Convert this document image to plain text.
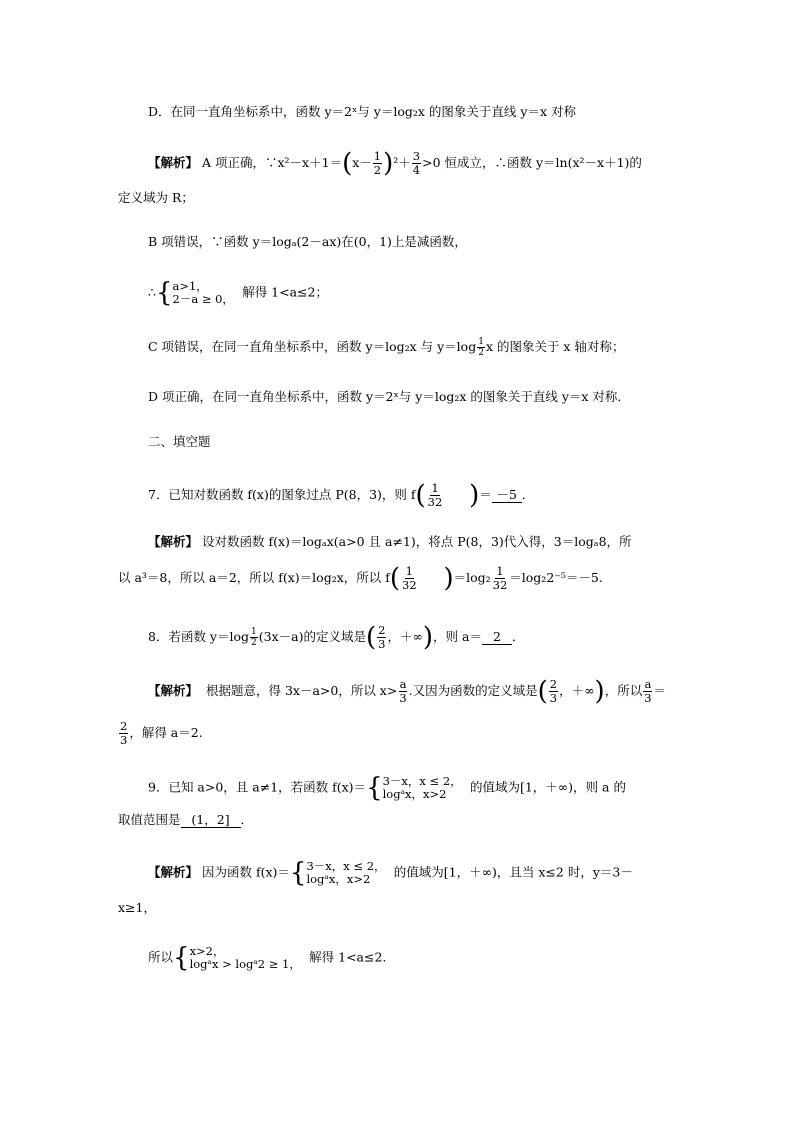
D．在同一直角坐标系中，函数 y＝2ˣ与 y＝log₂x 的图象关于直线 y＝x 对称
【解析】 A 项正确，∵x²－x＋1＝(x－ $\frac{1}{2} )^2+ \frac{3}{4} >0$ 恒成立，∴函数 y＝ln(x²－x＋1)的
定义域为 R；
B 项错误，∵函数 y＝logₐ(2－ax)在(0，1)上是减函数，
∴{ a>1，
2－a ≥ 0， 解得 1<a≤2；
C 项错误，在同一直角坐标系中，函数 y＝log₂x 与 $y=\log \frac{1}{2}$ x 的图象关于 x 轴对称；
D 项正确，在同一直角坐标系中，函数 y＝2ˣ与 y＝log₂x 的图象关于直线 y＝x 对称．
二、填空题
7．已知对数函数 f(x)的图象过点 P(8，3)，则 $f( \frac{1}{32}$ )＝ －5 ．
【解析】 设对数函数 f(x)＝logₐx(a>0 且 a≠1)，将点 P(8，3)代入得，3＝logₐ8，所
以 a³＝8，所以 a＝2，所以 f(x)＝log₂x，所以 $f( \frac{1}{32} )=\log_2 \frac{1}{32} =\log_22^{-5}=-5$.
8．若函数 $y=\log \frac{1}{2} (3x-a)$的定义域是( $\frac{2}{3}$ ，＋∞)，则 a＝ 2 ．
【解析】 根据题意，得 3x－a>0，所以 $x> \frac{a}{3}$ .又因为函数的定义域是( $\frac{2}{3}$ ，＋∞)，所以 $\frac{a}{3}$ ＝
$\frac{2}{3}$ ，解得 a＝2.
9．已知 a>0，且 a≠1，若函数 f(x)＝{ 3－x，x ≤ 2，
logᵃx，x>2	的值域为[1，＋∞)，则 a 的
取值范围是 (1，2] ．
【解析】 因为函数 f(x)＝{ 3－x，x ≤ 2，
logᵃx，x>2	的值域为[1，＋∞)，且当 x≤2 时，y＝3－
x≥1，
所以{ x>2，
logᵃx > logᵃ2 ≥ 1， 解得 1<a≤2.
